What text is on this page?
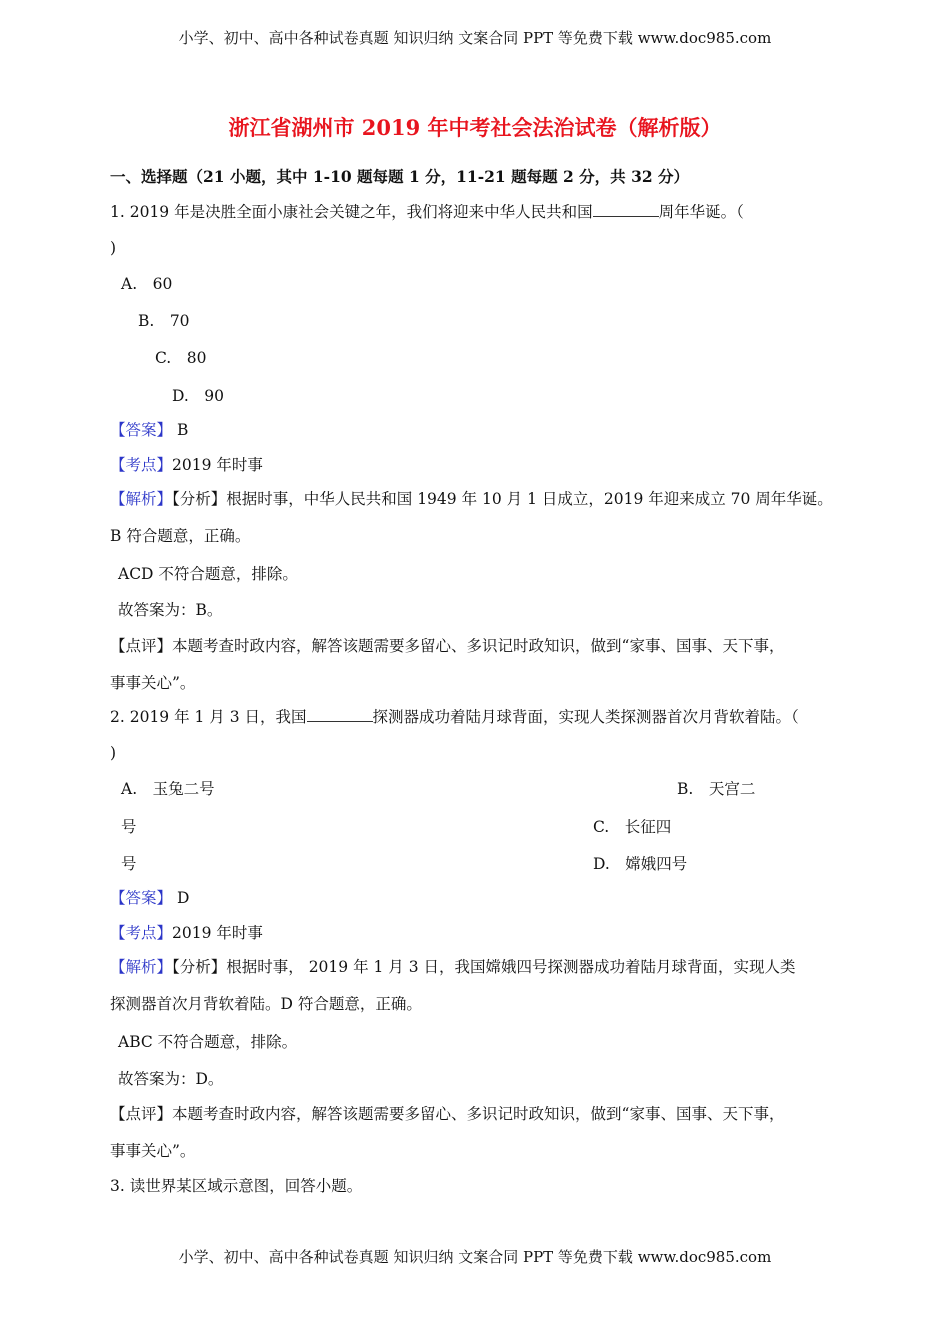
小学、初中、高中各种试卷真题 知识归纳 文案合同 PPT 等免费下载 www.doc985.com
浙江省湖州市 2019 年中考社会法治试卷（解析版）
一、选择题（21 小题，其中 1-10 题每题 1 分，11-21 题每题 2 分，共 32 分）
1. 2019 年是决胜全面小康社会关键之年，我们将迎来中华人民共和国	周年华诞。（
)
A.　60
B.　70
C.　80
D.　90
【答案】 B
【考点】2019 年时事
【解析】【分析】根据时事，中华人民共和国 1949 年 10 月 1 日成立，2019 年迎来成立 70 周年华诞。
B 符合题意，正确。
ACD 不符合题意，排除。
故答案为：B。
【点评】本题考查时政内容，解答该题需要多留心、多识记时政知识，做到“家事、国事、天下事，
事事关心”。
2. 2019 年 1 月 3 日，我国	探测器成功着陆月球背面，实现人类探测器首次月背软着陆。（
)
A.　玉兔二号	B.　天宫二
号	C.　长征四
号	D.　嫦娥四号
【答案】 D
【考点】2019 年时事
【解析】【分析】根据时事， 2019 年 1 月 3 日，我国嫦娥四号探测器成功着陆月球背面，实现人类
探测器首次月背软着陆。D 符合题意，正确。
ABC 不符合题意，排除。
故答案为：D。
【点评】本题考查时政内容，解答该题需要多留心、多识记时政知识，做到“家事、国事、天下事，
事事关心”。
3. 读世界某区域示意图，回答小题。
小学、初中、高中各种试卷真题 知识归纳 文案合同 PPT 等免费下载 www.doc985.com
